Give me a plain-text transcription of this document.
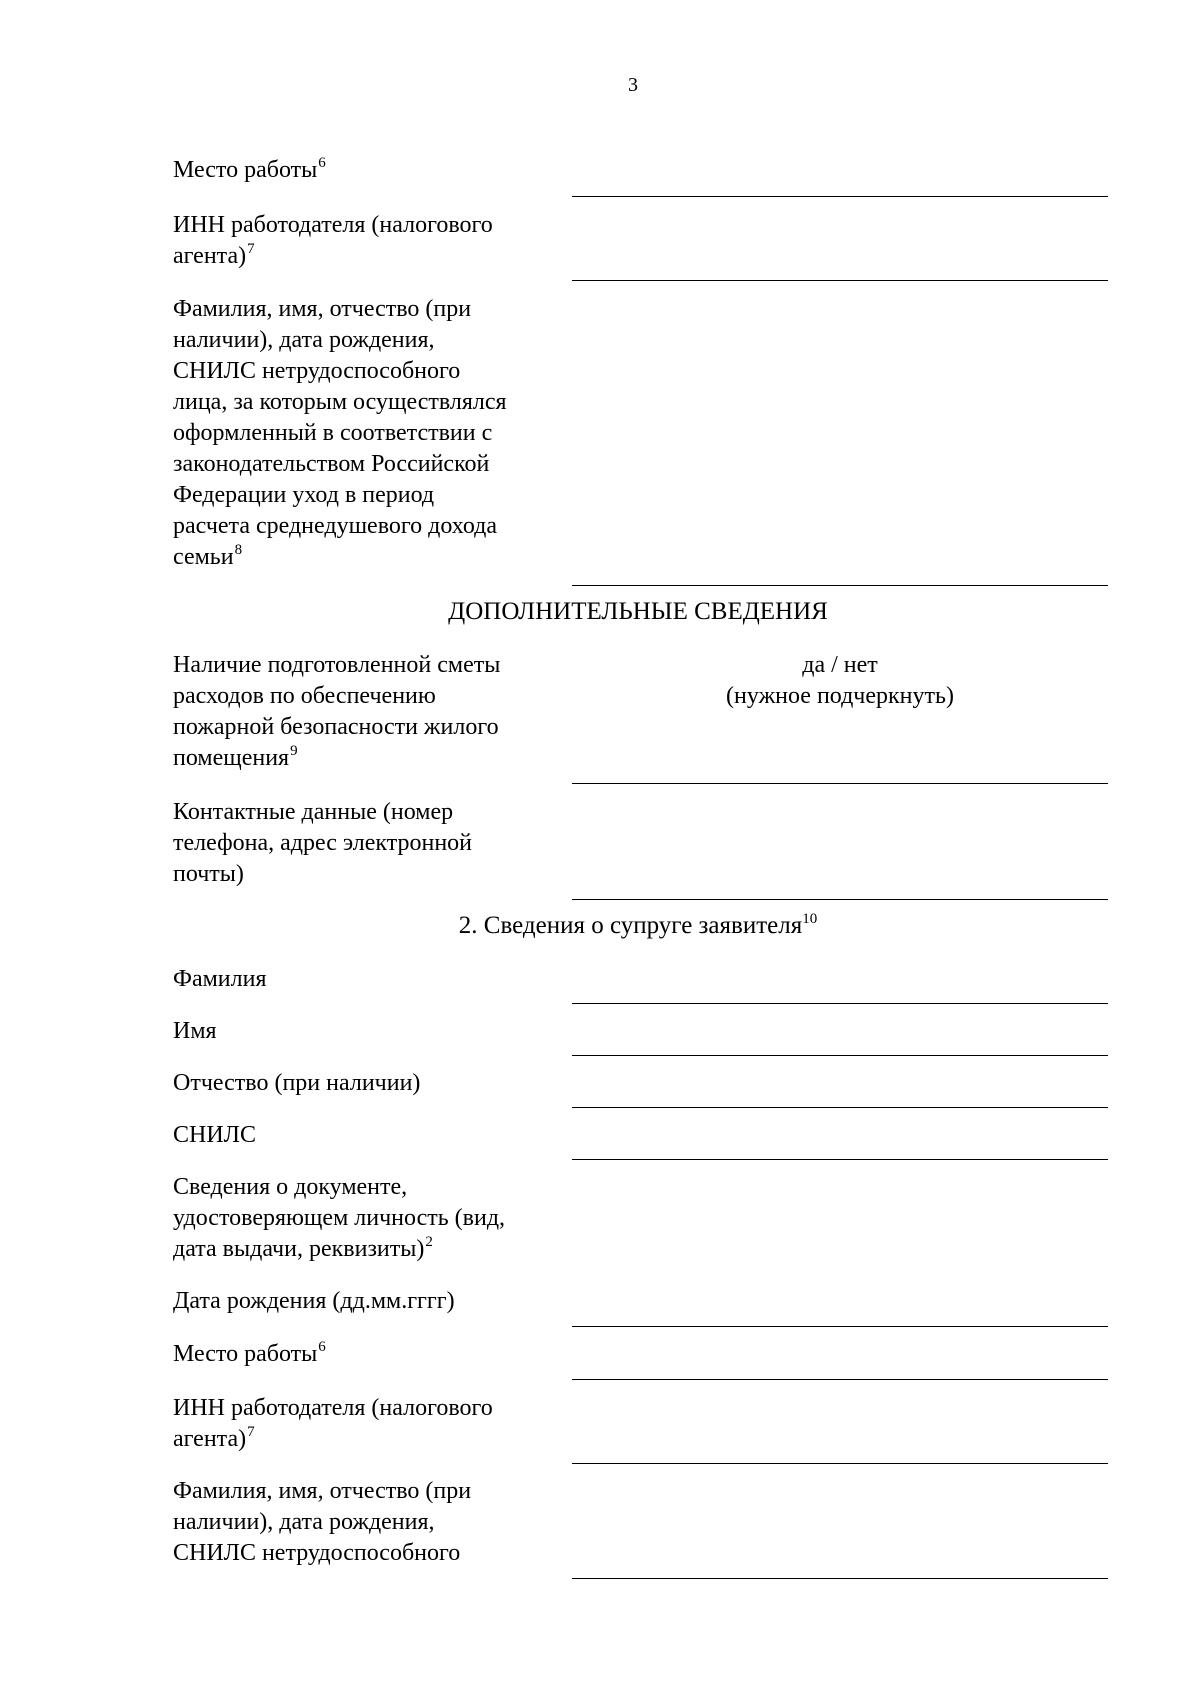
3
Место работы$^6$
ИНН работодателя (налогового
агента)$^7$
Фамилия, имя, отчество (при
наличии), дата рождения,
СНИЛС нетрудоспособного
лица, за которым осуществлялся
оформленный в соответствии с
законодательством Российской
Федерации уход в период
расчета среднедушевого дохода
семьи$^8$
ДОПОЛНИТЕЛЬНЫЕ СВЕДЕНИЯ
Наличие подготовленной сметы
расходов по обеспечению
пожарной безопасности жилого
помещения$^9$
да / нет
(нужное подчеркнуть)
Контактные данные (номер
телефона, адрес электронной
почты)
2. Сведения о супруге заявителя$^{10}$
Фамилия
Имя
Отчество (при наличии)
СНИЛС
Сведения о документе,
удостоверяющем личность (вид,
дата выдачи, реквизиты)$^2$
Дата рождения (дд.мм.гггг)
Место работы$^6$
ИНН работодателя (налогового
агента)$^7$
Фамилия, имя, отчество (при
наличии), дата рождения,
СНИЛС нетрудоспособного
